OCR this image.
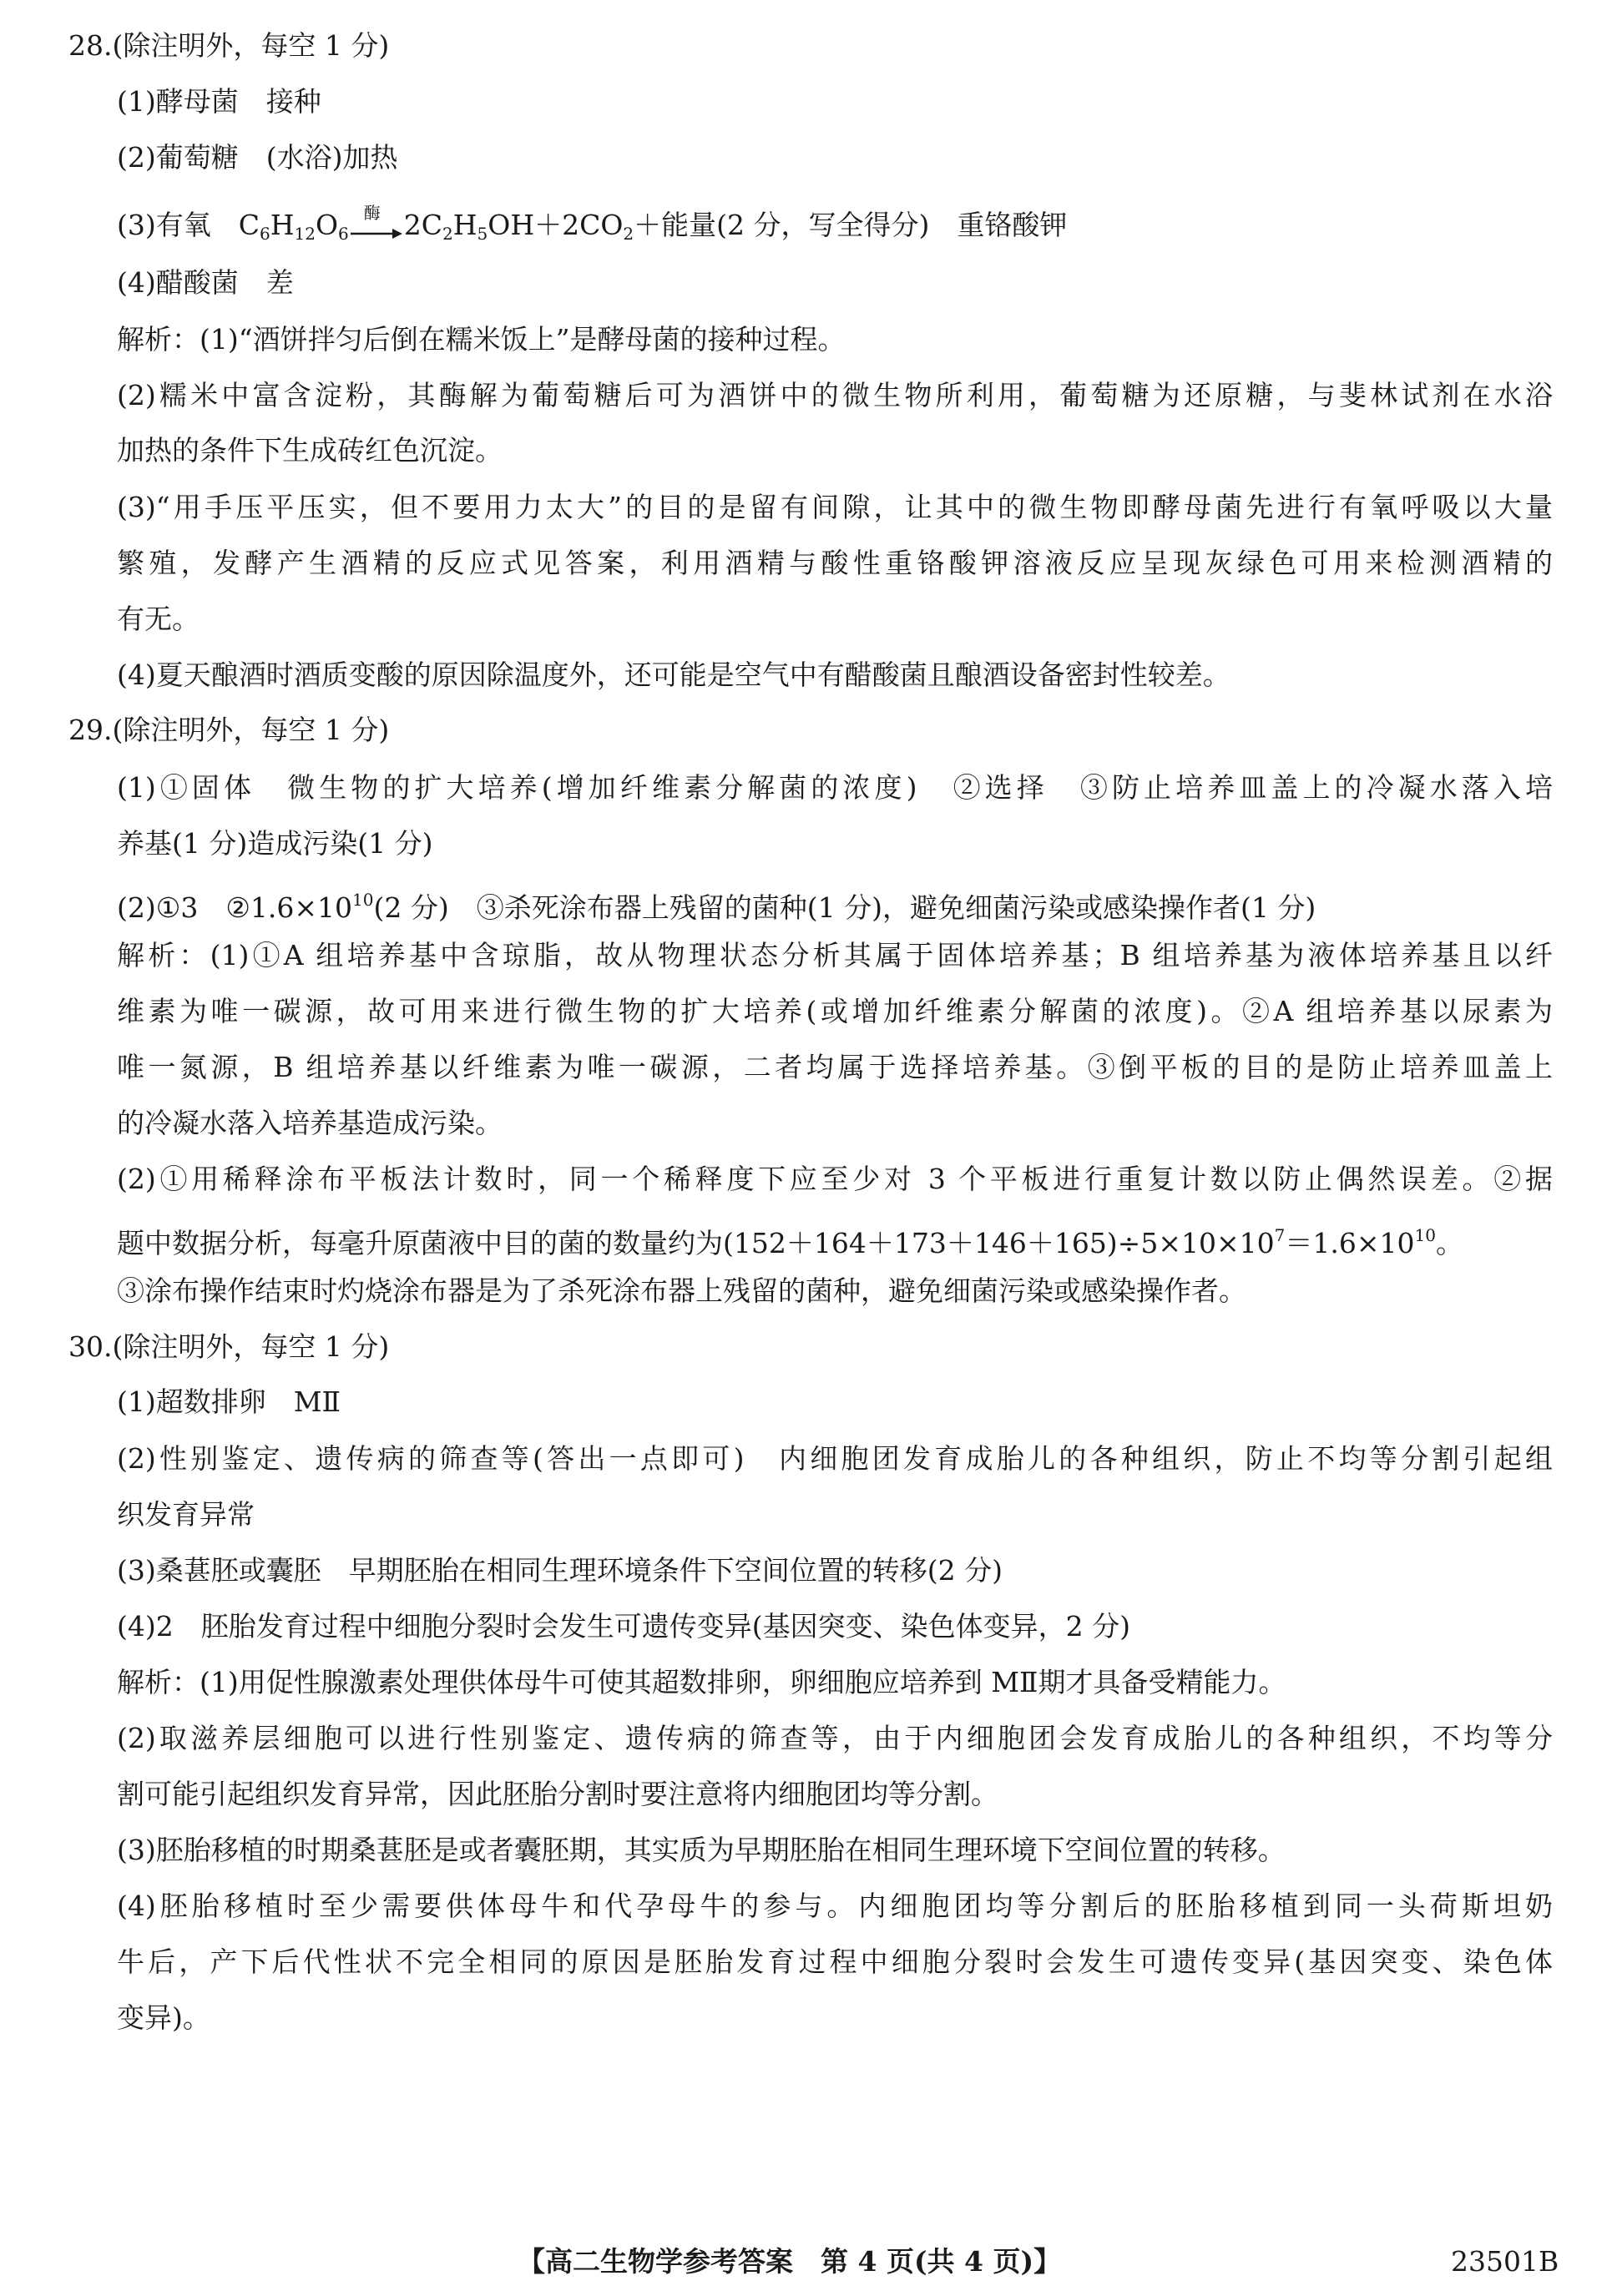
28.(除注明外，每空 1 分)
(1)酵母菌　接种
(2)葡萄糖　(水浴)加热
(3)有氧　$C_6H_{12}O_6$
酶 $2C_2H_5OH+2CO_2+$能量(2 分，写全得分)　重铬酸钾
(4)醋酸菌　差
解析：(1)“酒饼拌匀后倒在糯米饭上”是酵母菌的接种过程。
(2)糯米中富含淀粉，其酶解为葡萄糖后可为酒饼中的微生物所利用，葡萄糖为还原糖，与斐林试剂在水浴
加热的条件下生成砖红色沉淀。
(3)“用手压平压实，但不要用力太大”的目的是留有间隙，让其中的微生物即酵母菌先进行有氧呼吸以大量
繁殖，发酵产生酒精的反应式见答案，利用酒精与酸性重铬酸钾溶液反应呈现灰绿色可用来检测酒精的
有无。
(4)夏天酿酒时酒质变酸的原因除温度外，还可能是空气中有醋酸菌且酿酒设备密封性较差。
29.(除注明外，每空 1 分)
(1)①固体　微生物的扩大培养(增加纤维素分解菌的浓度)　②选择　③防止培养皿盖上的冷凝水落入培
养基(1 分)造成污染(1 分)
(2)①3　$②1.6\times 10^{10}(2$ 分)　③杀死涂布器上残留的菌种(1 分)，避免细菌污染或感染操作者(1 分)
解析：(1)①A 组培养基中含琼脂，故从物理状态分析其属于固体培养基；B 组培养基为液体培养基且以纤
维素为唯一碳源，故可用来进行微生物的扩大培养(或增加纤维素分解菌的浓度)。②A 组培养基以尿素为
唯一氮源，B 组培养基以纤维素为唯一碳源，二者均属于选择培养基。③倒平板的目的是防止培养皿盖上
的冷凝水落入培养基造成污染。
(2)①用稀释涂布平板法计数时，同一个稀释度下应至少对 3 个平板进行重复计数以防止偶然误差。②据
题中数据分析，每毫升原菌液中目的菌的数量约为$(152+164+173+146+165)\div 5\times 10\times 10^7=1.6\times 10^{10}$。
③涂布操作结束时灼烧涂布器是为了杀死涂布器上残留的菌种，避免细菌污染或感染操作者。
30.(除注明外，每空 1 分)
(1)超数排卵　MⅡ
(2)性别鉴定、遗传病的筛查等(答出一点即可)　内细胞团发育成胎儿的各种组织，防止不均等分割引起组
织发育异常
(3)桑葚胚或囊胚　早期胚胎在相同生理环境条件下空间位置的转移(2 分)
(4)2　胚胎发育过程中细胞分裂时会发生可遗传变异(基因突变、染色体变异，2 分)
解析：(1)用促性腺激素处理供体母牛可使其超数排卵，卵细胞应培养到 MⅡ期才具备受精能力。
(2)取滋养层细胞可以进行性别鉴定、遗传病的筛查等，由于内细胞团会发育成胎儿的各种组织，不均等分
割可能引起组织发育异常，因此胚胎分割时要注意将内细胞团均等分割。
(3)胚胎移植的时期桑葚胚是或者囊胚期，其实质为早期胚胎在相同生理环境下空间位置的转移。
(4)胚胎移植时至少需要供体母牛和代孕母牛的参与。内细胞团均等分割后的胚胎移植到同一头荷斯坦奶
牛后，产下后代性状不完全相同的原因是胚胎发育过程中细胞分裂时会发生可遗传变异(基因突变、染色体
变异)。
【高二生物学参考答案　第 4 页(共 4 页)】	23501B
